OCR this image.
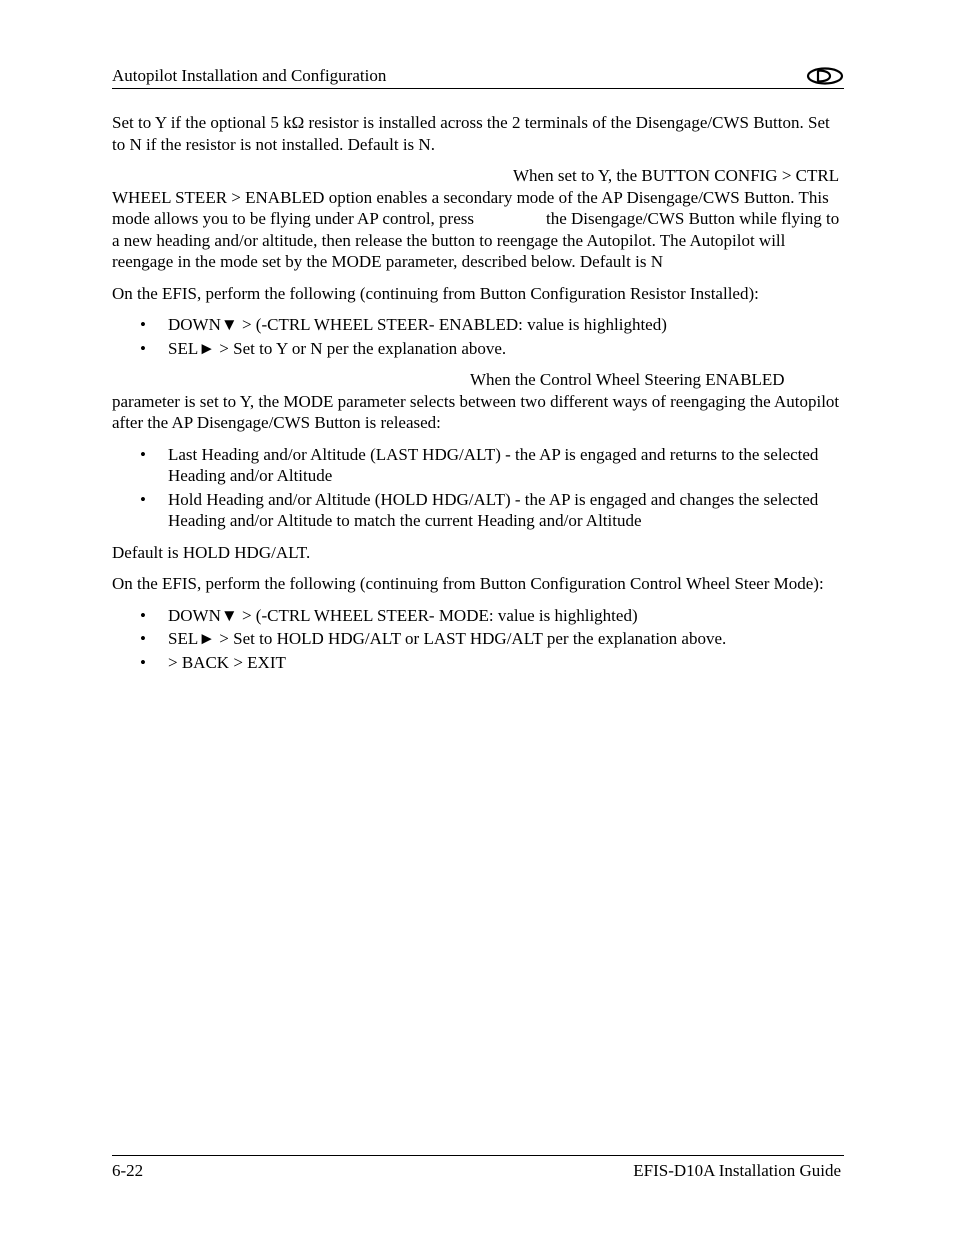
Autopilot Installation and Configuration

Set to Y if the optional 5 kΩ resistor is installed across the 2 terminals of the Disengage/CWS Button. Set to N if the resistor is not installed. Default is N.

When set to Y, the BUTTON CONFIG > CTRL WHEEL STEER > ENABLED option enables a secondary mode of the AP Disengage/CWS Button. This mode allows you to be flying under AP control, press	the Disengage/CWS Button while flying to a new heading and/or altitude, then release the button to reengage the Autopilot. The Autopilot will reengage in the mode set by the MODE parameter, described below. Default is N

On the EFIS, perform the following (continuing from Button Configuration Resistor Installed):

• DOWN▼ > (-CTRL WHEEL STEER- ENABLED: value is highlighted)
• SEL► > Set to Y or N per the explanation above.

When the Control Wheel Steering ENABLED parameter is set to Y, the MODE parameter selects between two different ways of reengaging the Autopilot after the AP Disengage/CWS Button is released:

• Last Heading and/or Altitude (LAST HDG/ALT) - the AP is engaged and returns to the selected Heading and/or Altitude
• Hold Heading and/or Altitude (HOLD HDG/ALT) - the AP is engaged and changes the selected Heading and/or Altitude to match the current Heading and/or Altitude

Default is HOLD HDG/ALT.

On the EFIS, perform the following (continuing from Button Configuration Control Wheel Steer Mode):

• DOWN▼ > (-CTRL WHEEL STEER- MODE: value is highlighted)
• SEL► > Set to HOLD HDG/ALT or LAST HDG/ALT per the explanation above.
• > BACK > EXIT
6-22	EFIS-D10A Installation Guide
